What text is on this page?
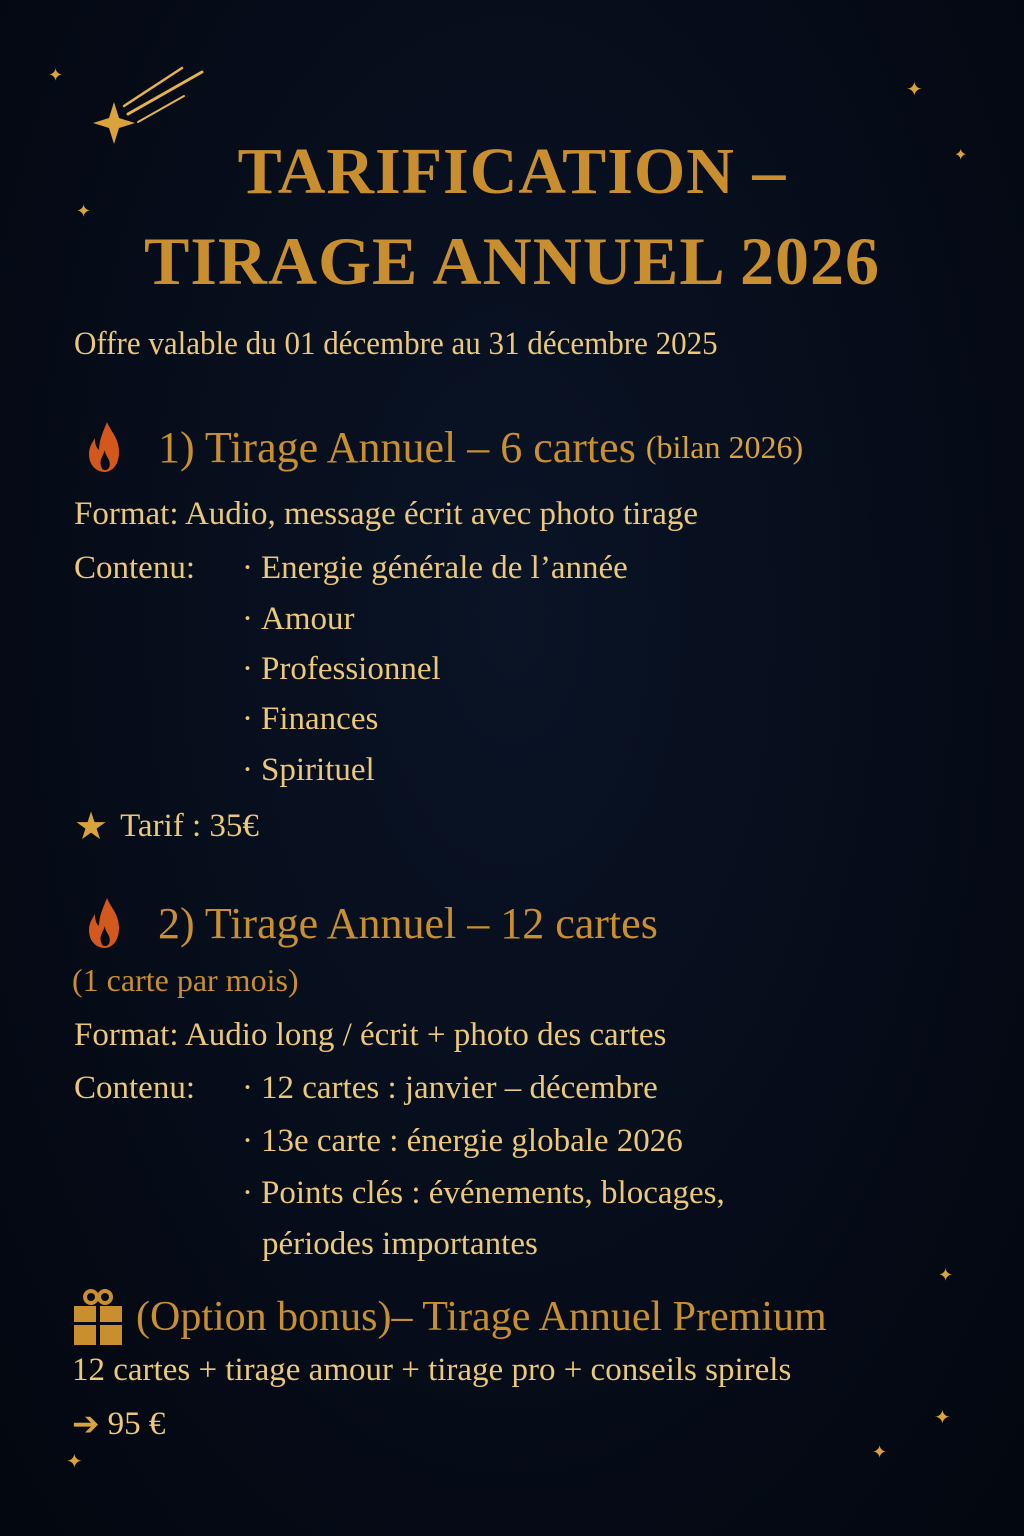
✦
✦
✦
✦
✦
✦
✦
✦
TARIFICATION –
TIRAGE ANNUEL 2026
Offre valable du 01 décembre au 31 décembre 2025
1) Tirage Annuel – 6 cartes (bilan 2026)
Format: Audio, message écrit avec photo tirage
Contenu:	· Energie générale de l’année
· Amour
· Professionnel
· Finances
· Spirituel
★ Tarif : 35€
2) Tirage Annuel – 12 cartes
(1 carte par mois)
Format: Audio long / écrit + photo des cartes
Contenu:	· 12 cartes : janvier – décembre
· 13e carte : énergie globale 2026
· Points clés : événements, blocages,
périodes importantes
(Option bonus)– Tirage Annuel Premium
12 cartes + tirage amour + tirage pro + conseils spirels
➔ 95 €
